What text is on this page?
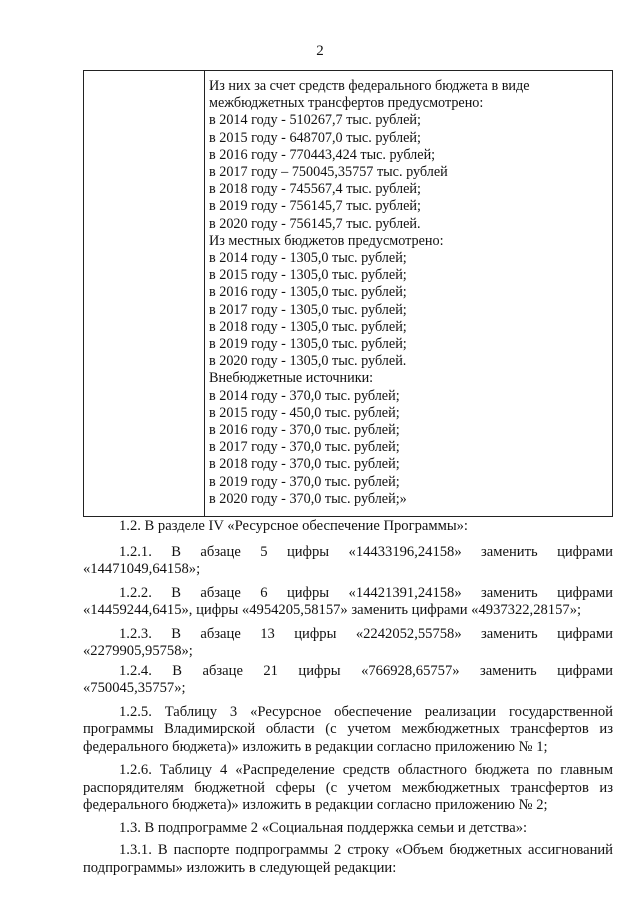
2
Из них за счет средств федерального бюджета в виде
межбюджетных трансфертов предусмотрено:
в 2014 году - 510267,7 тыс. рублей;
в 2015 году - 648707,0 тыс. рублей;
в 2016 году - 770443,424 тыс. рублей;
в 2017 году – 750045,35757 тыс. рублей
в 2018 году - 745567,4 тыс. рублей;
в 2019 году - 756145,7 тыс. рублей;
в 2020 году - 756145,7 тыс. рублей.
Из местных бюджетов предусмотрено:
в 2014 году - 1305,0 тыс. рублей;
в 2015 году - 1305,0 тыс. рублей;
в 2016 году - 1305,0 тыс. рублей;
в 2017 году - 1305,0 тыс. рублей;
в 2018 году - 1305,0 тыс. рублей;
в 2019 году - 1305,0 тыс. рублей;
в 2020 году - 1305,0 тыс. рублей.
Внебюджетные источники:
в 2014 году - 370,0 тыс. рублей;
в 2015 году - 450,0 тыс. рублей;
в 2016 году - 370,0 тыс. рублей;
в 2017 году - 370,0 тыс. рублей;
в 2018 году - 370,0 тыс. рублей;
в 2019 году - 370,0 тыс. рублей;
в 2020 году - 370,0 тыс. рублей;»

1.2. В разделе IV «Ресурсное обеспечение Программы»:

1.2.1. В абзаце 5 цифры «14433196,24158» заменить цифрами
«14471049,64158»;
1.2.2. В абзаце 6 цифры «14421391,24158» заменить цифрами
«14459244,6415», цифры «4954205,58157» заменить цифрами «4937322,28157»;
1.2.3. В абзаце 13 цифры «2242052,55758» заменить цифрами
«2279905,95758»;
1.2.4. В абзаце 21 цифры «766928,65757» заменить цифрами
«750045,35757»;

1.2.5. Таблицу 3 «Ресурсное обеспечение реализации государственной программы Владимирской области (с учетом межбюджетных трансфертов из федерального бюджета)» изложить в редакции согласно приложению № 1;

1.2.6. Таблицу 4 «Распределение средств областного бюджета по главным распорядителям бюджетной сферы (с учетом межбюджетных трансфертов из федерального бюджета)» изложить в редакции согласно приложению № 2;

1.3. В подпрограмме 2 «Социальная поддержка семьи и детства»:

1.3.1. В паспорте подпрограммы 2 строку «Объем бюджетных ассигнований подпрограммы» изложить в следующей редакции:
